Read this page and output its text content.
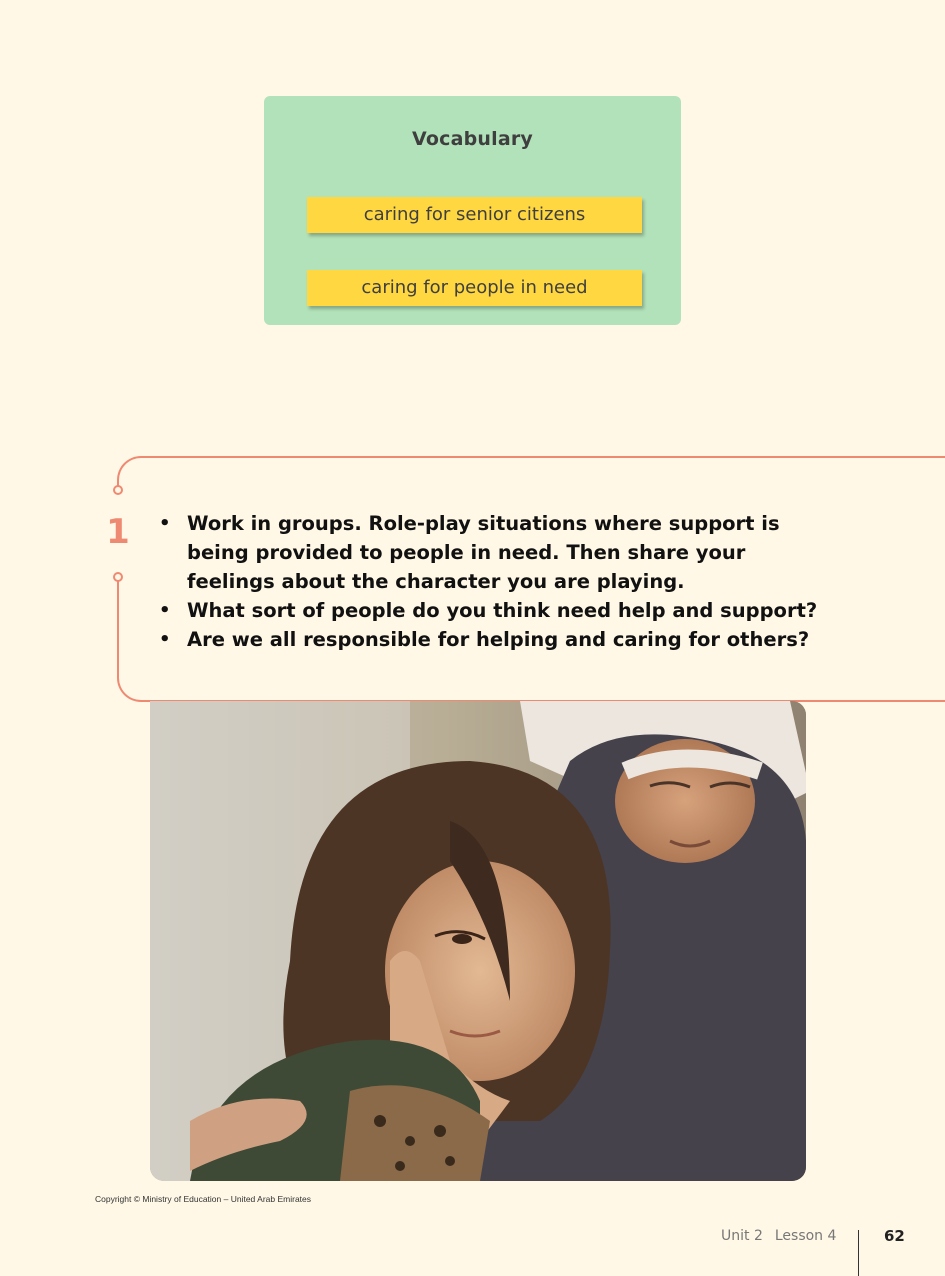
Vocabulary
caring for senior citizens
caring for people in need
1 • Work in groups. Role-play situations where support is being provided to people in need. Then share your feelings about the character you are playing.
• What sort of people do you think need help and support?
• Are we all responsible for helping and caring for others?
Copyright © Ministry of Education – United Arab Emirates
Unit 2 Lesson 4	62
